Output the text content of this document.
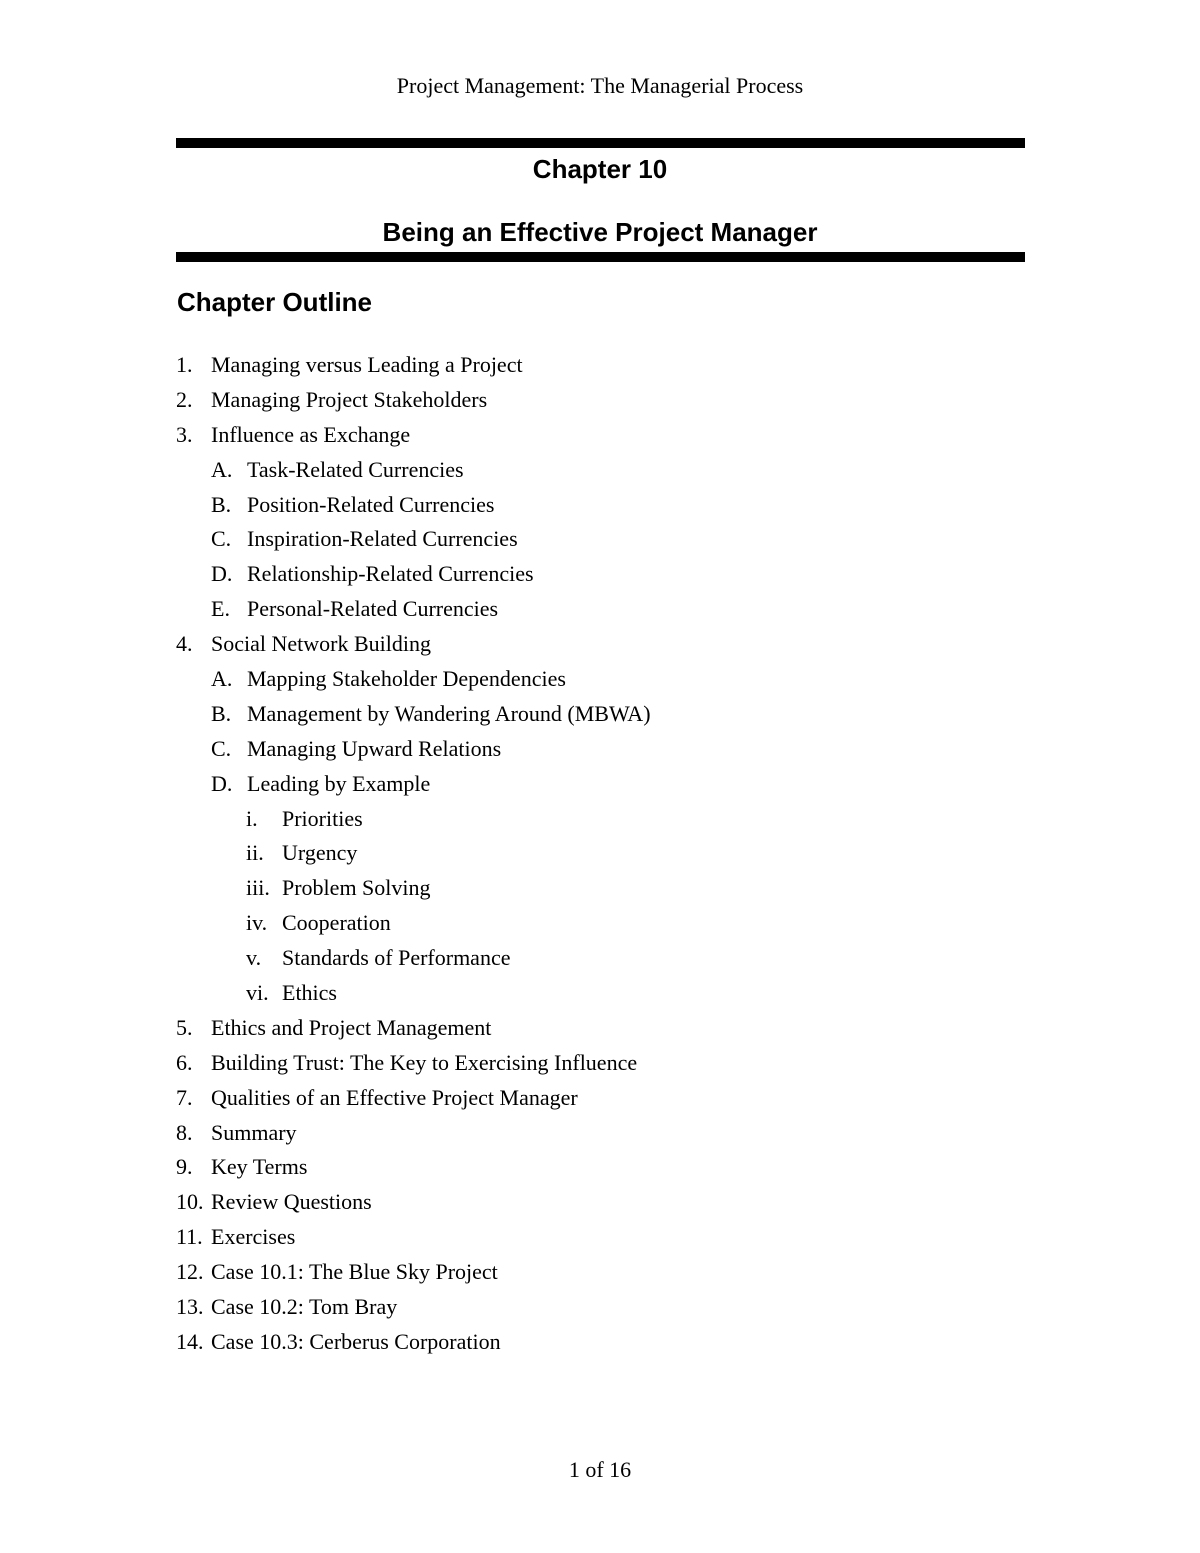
Project Management: The Managerial Process
Chapter 10
Being an Effective Project Manager
Chapter Outline
1. Managing versus Leading a Project
2. Managing Project Stakeholders
3. Influence as Exchange
A. Task-Related Currencies
B. Position-Related Currencies
C. Inspiration-Related Currencies
D. Relationship-Related Currencies
E. Personal-Related Currencies
4. Social Network Building
A. Mapping Stakeholder Dependencies
B. Management by Wandering Around (MBWA)
C. Managing Upward Relations
D. Leading by Example
i. Priorities
ii. Urgency
iii. Problem Solving
iv. Cooperation
v. Standards of Performance
vi. Ethics
5. Ethics and Project Management
6. Building Trust: The Key to Exercising Influence
7. Qualities of an Effective Project Manager
8. Summary
9. Key Terms
10. Review Questions
11. Exercises
12. Case 10.1: The Blue Sky Project
13. Case 10.2: Tom Bray
14. Case 10.3: Cerberus Corporation
1 of 16
